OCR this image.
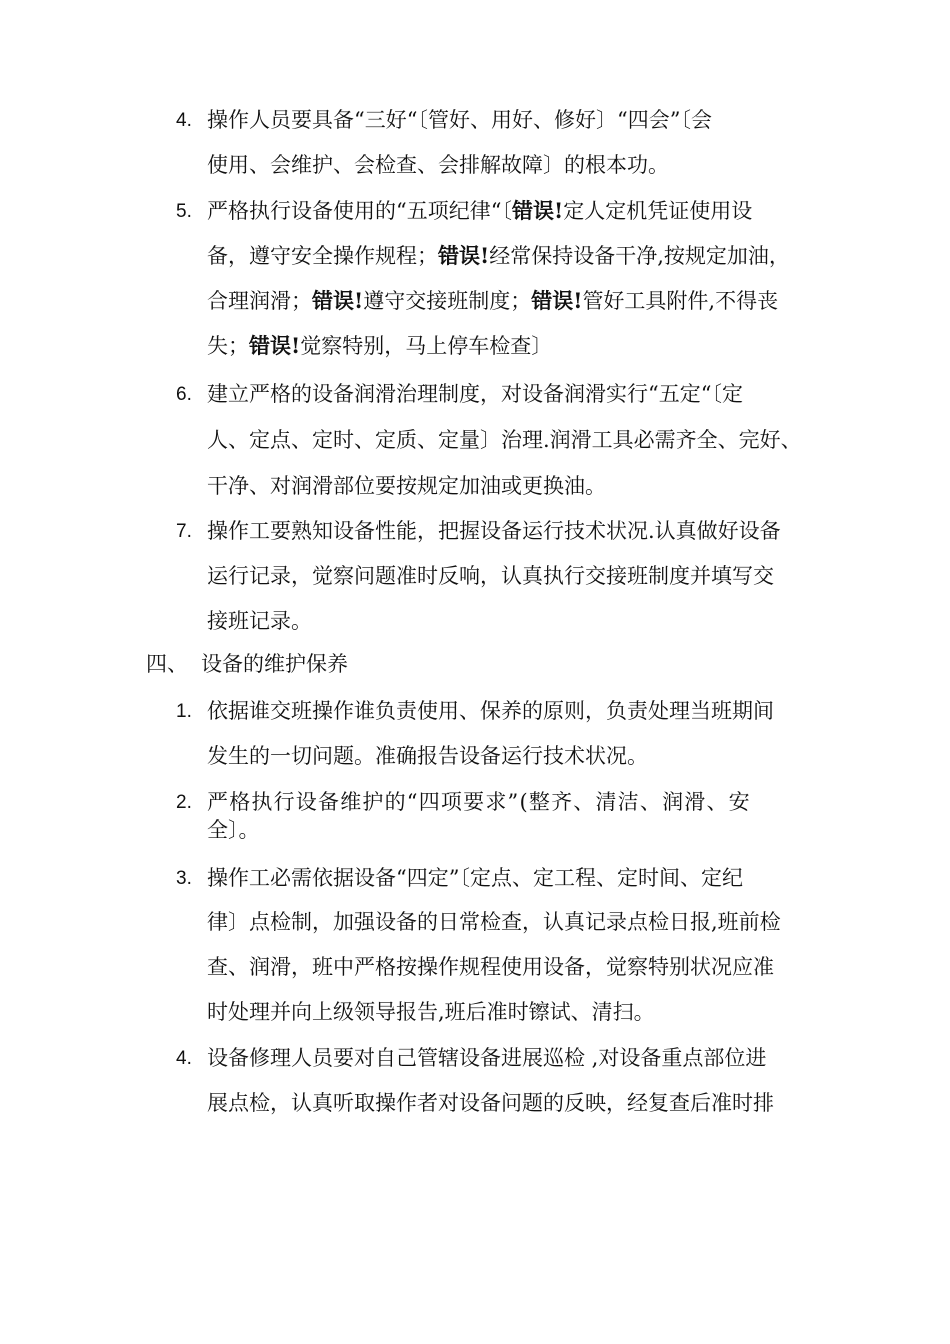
4. 操作人员要具备“三好“〔管好、用好、修好〕“四会”〔会
使用、会维护、会检查、会排解故障〕的根本功。
5. 严格执行设备使用的“五项纪律“〔错误!定人定机凭证使用设
备，遵守安全操作规程；错误!经常保持设备干净,按规定加油，
合理润滑；错误!遵守交接班制度；错误!管好工具附件,不得丧
失；错误!觉察特别，马上停车检查〕
6. 建立严格的设备润滑治理制度，对设备润滑实行“五定“〔定
人、定点、定时、定质、定量〕治理.润滑工具必需齐全、完好、
干净、对润滑部位要按规定加油或更换油。
7. 操作工要熟知设备性能，把握设备运行技术状况.认真做好设备
运行记录，觉察问题准时反响，认真执行交接班制度并填写交
接班记录。
四、 设备的维护保养
1. 依据谁交班操作谁负责使用、保养的原则，负责处理当班期间
发生的一切问题。准确报告设备运行技术状况。
2. 严格执行设备维护的“四项要求”(整齐、清洁、润滑、安
全〕。
3. 操作工必需依据设备“四定”〔定点、定工程、定时间、定纪
律〕点检制，加强设备的日常检查，认真记录点检日报,班前检
查、润滑，班中严格按操作规程使用设备，觉察特别状况应准
时处理并向上级领导报告,班后准时镲试、清扫。
4. 设备修理人员要对自己管辖设备进展巡检 ,对设备重点部位进
展点检，认真听取操作者对设备问题的反映，经复查后准时排
